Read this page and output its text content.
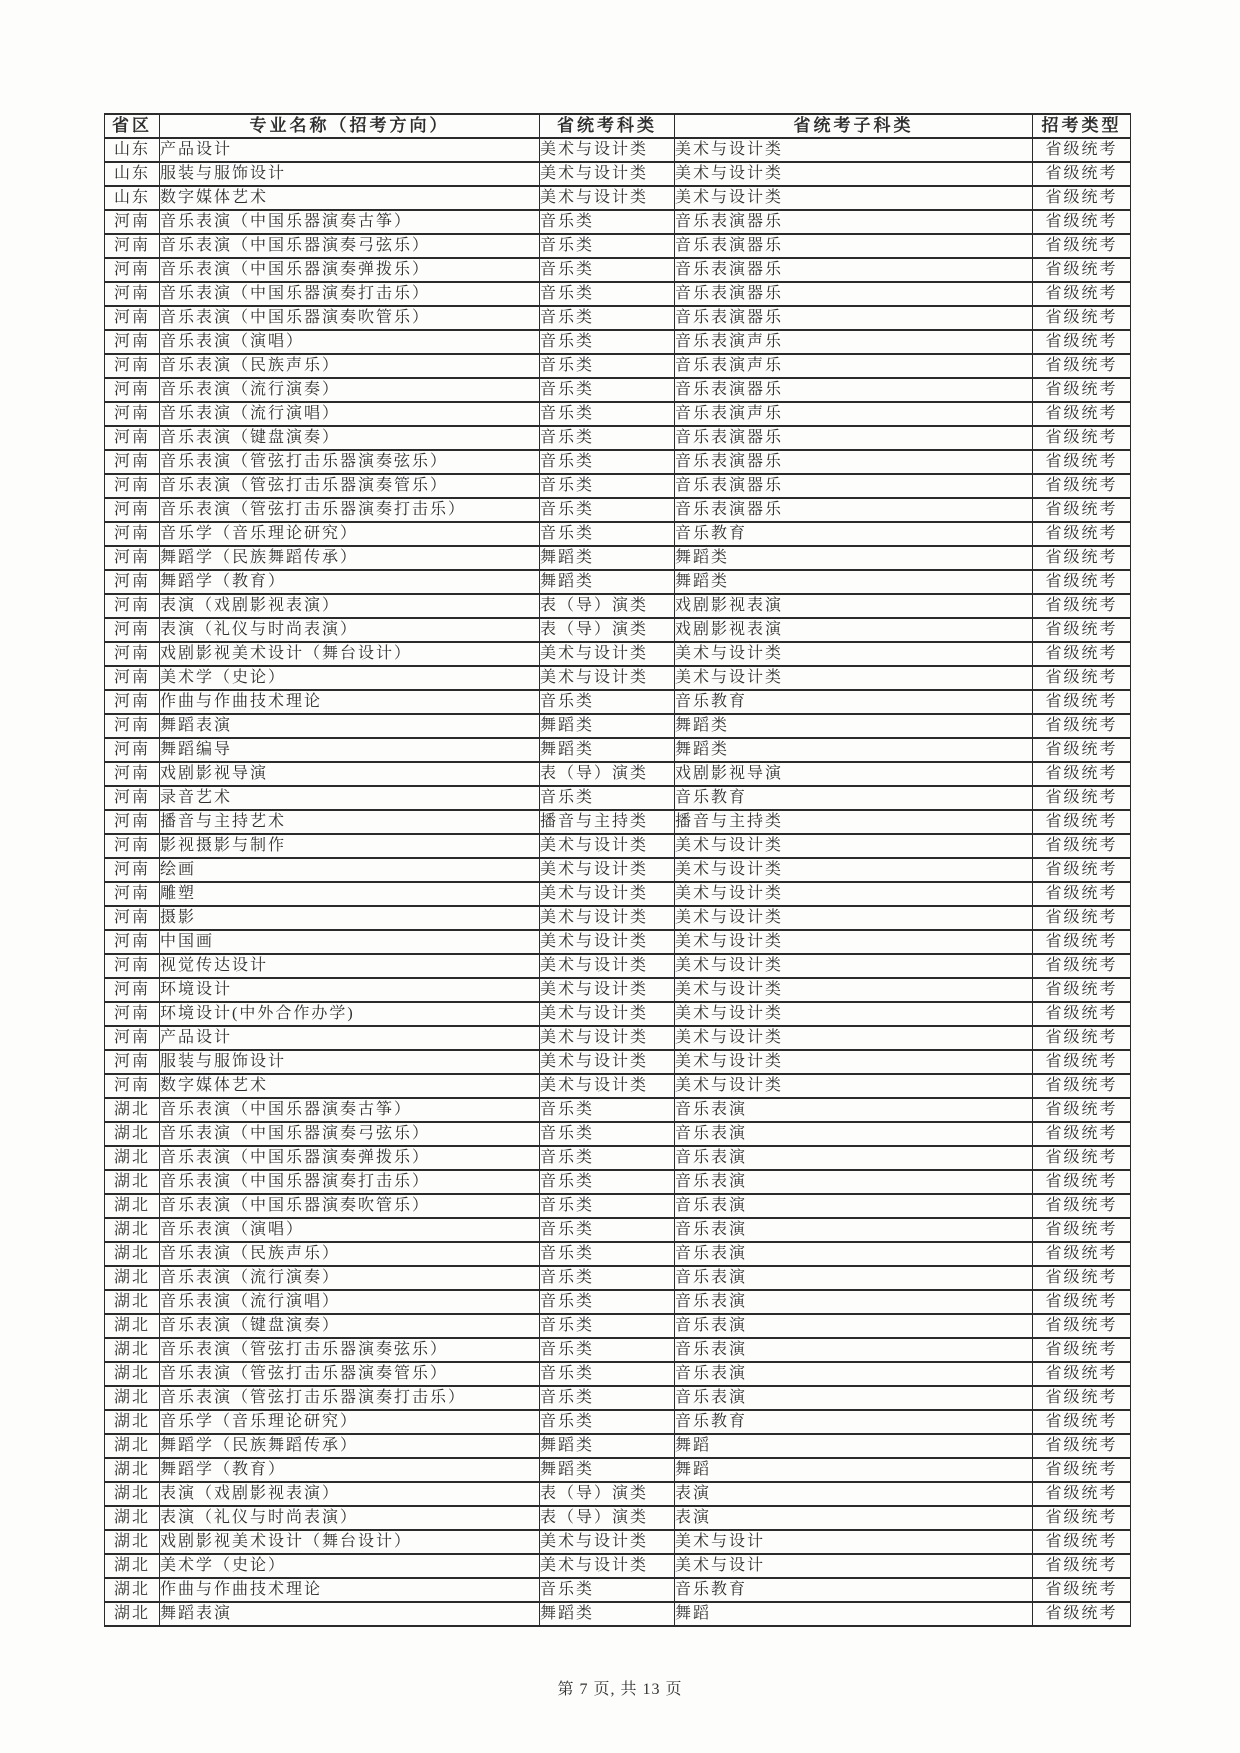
省区	专业名称（招考方向）	省统考科类	省统考子科类	招考类型
山东	产品设计	美术与设计类	美术与设计类	省级统考
山东	服装与服饰设计	美术与设计类	美术与设计类	省级统考
山东	数字媒体艺术	美术与设计类	美术与设计类	省级统考
河南	音乐表演（中国乐器演奏古筝）	音乐类	音乐表演器乐	省级统考
河南	音乐表演（中国乐器演奏弓弦乐）	音乐类	音乐表演器乐	省级统考
河南	音乐表演（中国乐器演奏弹拨乐）	音乐类	音乐表演器乐	省级统考
河南	音乐表演（中国乐器演奏打击乐）	音乐类	音乐表演器乐	省级统考
河南	音乐表演（中国乐器演奏吹管乐）	音乐类	音乐表演器乐	省级统考
河南	音乐表演（演唱）	音乐类	音乐表演声乐	省级统考
河南	音乐表演（民族声乐）	音乐类	音乐表演声乐	省级统考
河南	音乐表演（流行演奏）	音乐类	音乐表演器乐	省级统考
河南	音乐表演（流行演唱）	音乐类	音乐表演声乐	省级统考
河南	音乐表演（键盘演奏）	音乐类	音乐表演器乐	省级统考
河南	音乐表演（管弦打击乐器演奏弦乐）	音乐类	音乐表演器乐	省级统考
河南	音乐表演（管弦打击乐器演奏管乐）	音乐类	音乐表演器乐	省级统考
河南	音乐表演（管弦打击乐器演奏打击乐）	音乐类	音乐表演器乐	省级统考
河南	音乐学（音乐理论研究）	音乐类	音乐教育	省级统考
河南	舞蹈学（民族舞蹈传承）	舞蹈类	舞蹈类	省级统考
河南	舞蹈学（教育）	舞蹈类	舞蹈类	省级统考
河南	表演（戏剧影视表演）	表（导）演类	戏剧影视表演	省级统考
河南	表演（礼仪与时尚表演）	表（导）演类	戏剧影视表演	省级统考
河南	戏剧影视美术设计（舞台设计）	美术与设计类	美术与设计类	省级统考
河南	美术学（史论）	美术与设计类	美术与设计类	省级统考
河南	作曲与作曲技术理论	音乐类	音乐教育	省级统考
河南	舞蹈表演	舞蹈类	舞蹈类	省级统考
河南	舞蹈编导	舞蹈类	舞蹈类	省级统考
河南	戏剧影视导演	表（导）演类	戏剧影视导演	省级统考
河南	录音艺术	音乐类	音乐教育	省级统考
河南	播音与主持艺术	播音与主持类	播音与主持类	省级统考
河南	影视摄影与制作	美术与设计类	美术与设计类	省级统考
河南	绘画	美术与设计类	美术与设计类	省级统考
河南	雕塑	美术与设计类	美术与设计类	省级统考
河南	摄影	美术与设计类	美术与设计类	省级统考
河南	中国画	美术与设计类	美术与设计类	省级统考
河南	视觉传达设计	美术与设计类	美术与设计类	省级统考
河南	环境设计	美术与设计类	美术与设计类	省级统考
河南	环境设计(中外合作办学)	美术与设计类	美术与设计类	省级统考
河南	产品设计	美术与设计类	美术与设计类	省级统考
河南	服装与服饰设计	美术与设计类	美术与设计类	省级统考
河南	数字媒体艺术	美术与设计类	美术与设计类	省级统考
湖北	音乐表演（中国乐器演奏古筝）	音乐类	音乐表演	省级统考
湖北	音乐表演（中国乐器演奏弓弦乐）	音乐类	音乐表演	省级统考
湖北	音乐表演（中国乐器演奏弹拨乐）	音乐类	音乐表演	省级统考
湖北	音乐表演（中国乐器演奏打击乐）	音乐类	音乐表演	省级统考
湖北	音乐表演（中国乐器演奏吹管乐）	音乐类	音乐表演	省级统考
湖北	音乐表演（演唱）	音乐类	音乐表演	省级统考
湖北	音乐表演（民族声乐）	音乐类	音乐表演	省级统考
湖北	音乐表演（流行演奏）	音乐类	音乐表演	省级统考
湖北	音乐表演（流行演唱）	音乐类	音乐表演	省级统考
湖北	音乐表演（键盘演奏）	音乐类	音乐表演	省级统考
湖北	音乐表演（管弦打击乐器演奏弦乐）	音乐类	音乐表演	省级统考
湖北	音乐表演（管弦打击乐器演奏管乐）	音乐类	音乐表演	省级统考
湖北	音乐表演（管弦打击乐器演奏打击乐）	音乐类	音乐表演	省级统考
湖北	音乐学（音乐理论研究）	音乐类	音乐教育	省级统考
湖北	舞蹈学（民族舞蹈传承）	舞蹈类	舞蹈	省级统考
湖北	舞蹈学（教育）	舞蹈类	舞蹈	省级统考
湖北	表演（戏剧影视表演）	表（导）演类	表演	省级统考
湖北	表演（礼仪与时尚表演）	表（导）演类	表演	省级统考
湖北	戏剧影视美术设计（舞台设计）	美术与设计类	美术与设计	省级统考
湖北	美术学（史论）	美术与设计类	美术与设计	省级统考
湖北	作曲与作曲技术理论	音乐类	音乐教育	省级统考
湖北	舞蹈表演	舞蹈类	舞蹈	省级统考
第 7 页, 共 13 页
